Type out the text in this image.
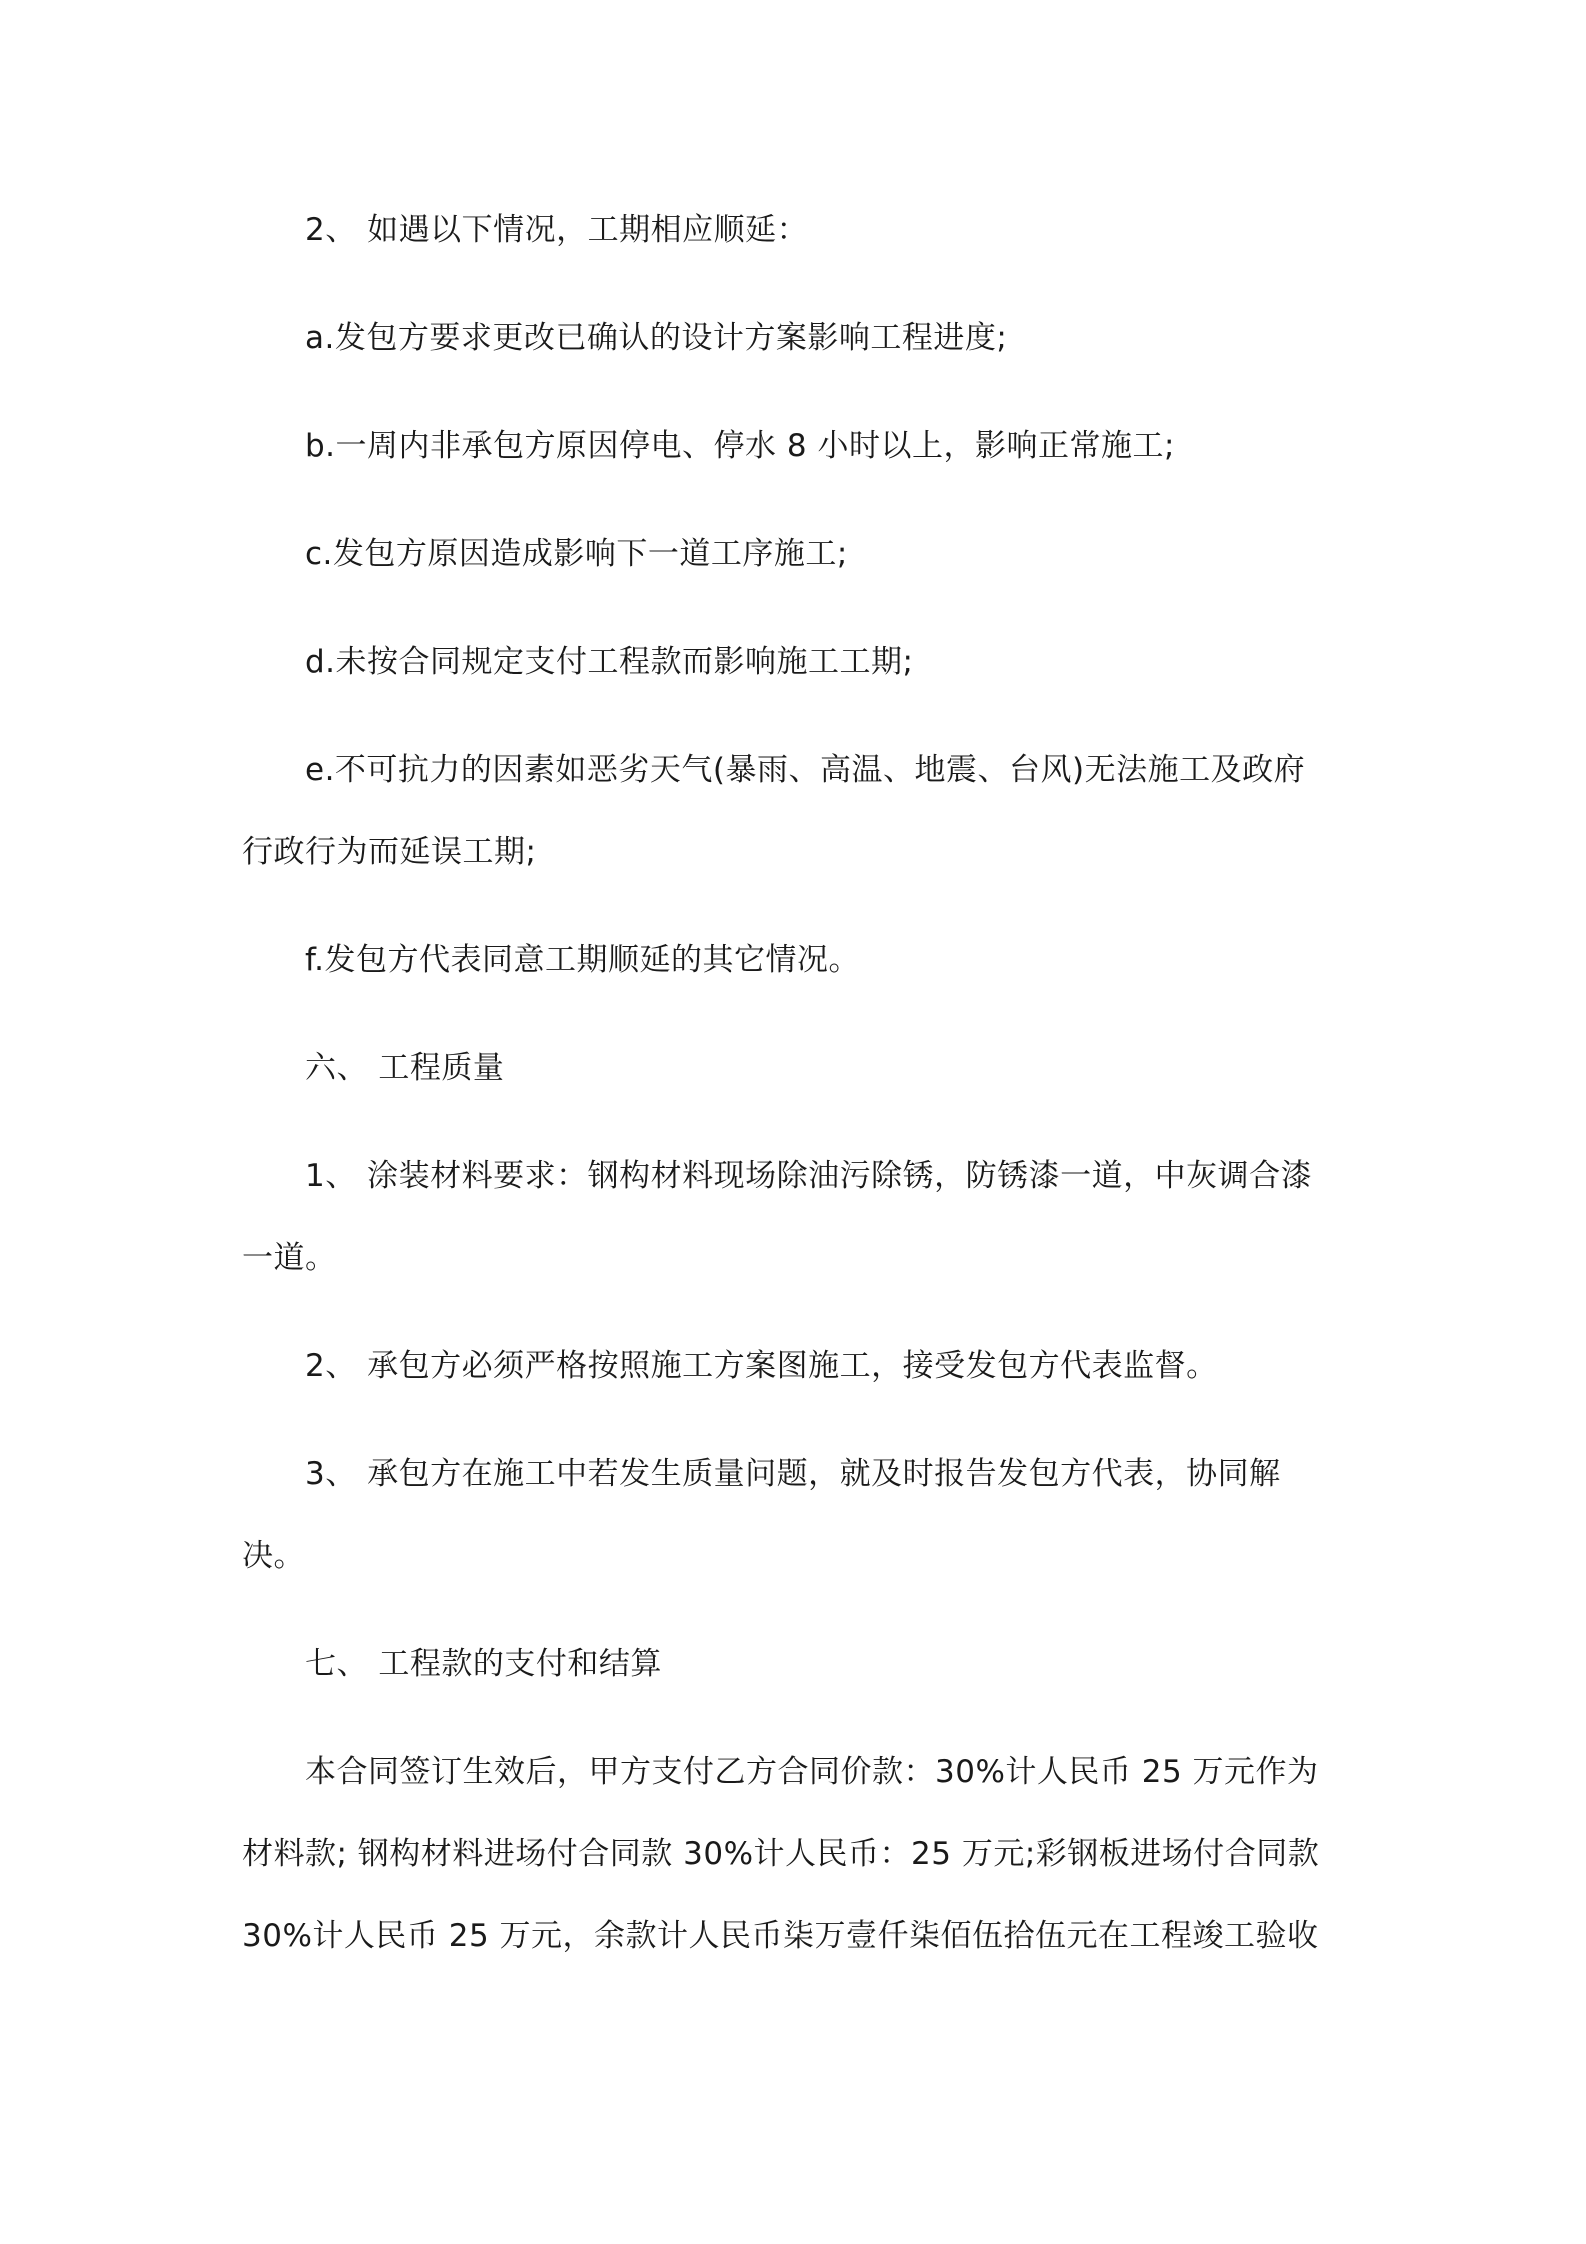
2、 如遇以下情况，工期相应顺延：
a.发包方要求更改已确认的设计方案影响工程进度;
b.一周内非承包方原因停电、停水 8 小时以上，影响正常施工;
c.发包方原因造成影响下一道工序施工;
d.未按合同规定支付工程款而影响施工工期;
e.不可抗力的因素如恶劣天气(暴雨、高温、地震、台风)无法施工及政府
行政行为而延误工期;
f.发包方代表同意工期顺延的其它情况。
六、 工程质量
1、 涂装材料要求：钢构材料现场除油污除锈，防锈漆一道，中灰调合漆
一道。
2、 承包方必须严格按照施工方案图施工，接受发包方代表监督。
3、 承包方在施工中若发生质量问题，就及时报告发包方代表，协同解
决。
七、 工程款的支付和结算
本合同签订生效后，甲方支付乙方合同价款：30%计人民币 25 万元作为
材料款; 钢构材料进场付合同款 30%计人民币：25 万元;彩钢板进场付合同款
30%计人民币 25 万元，余款计人民币柒万壹仟柒佰伍拾伍元在工程竣工验收
